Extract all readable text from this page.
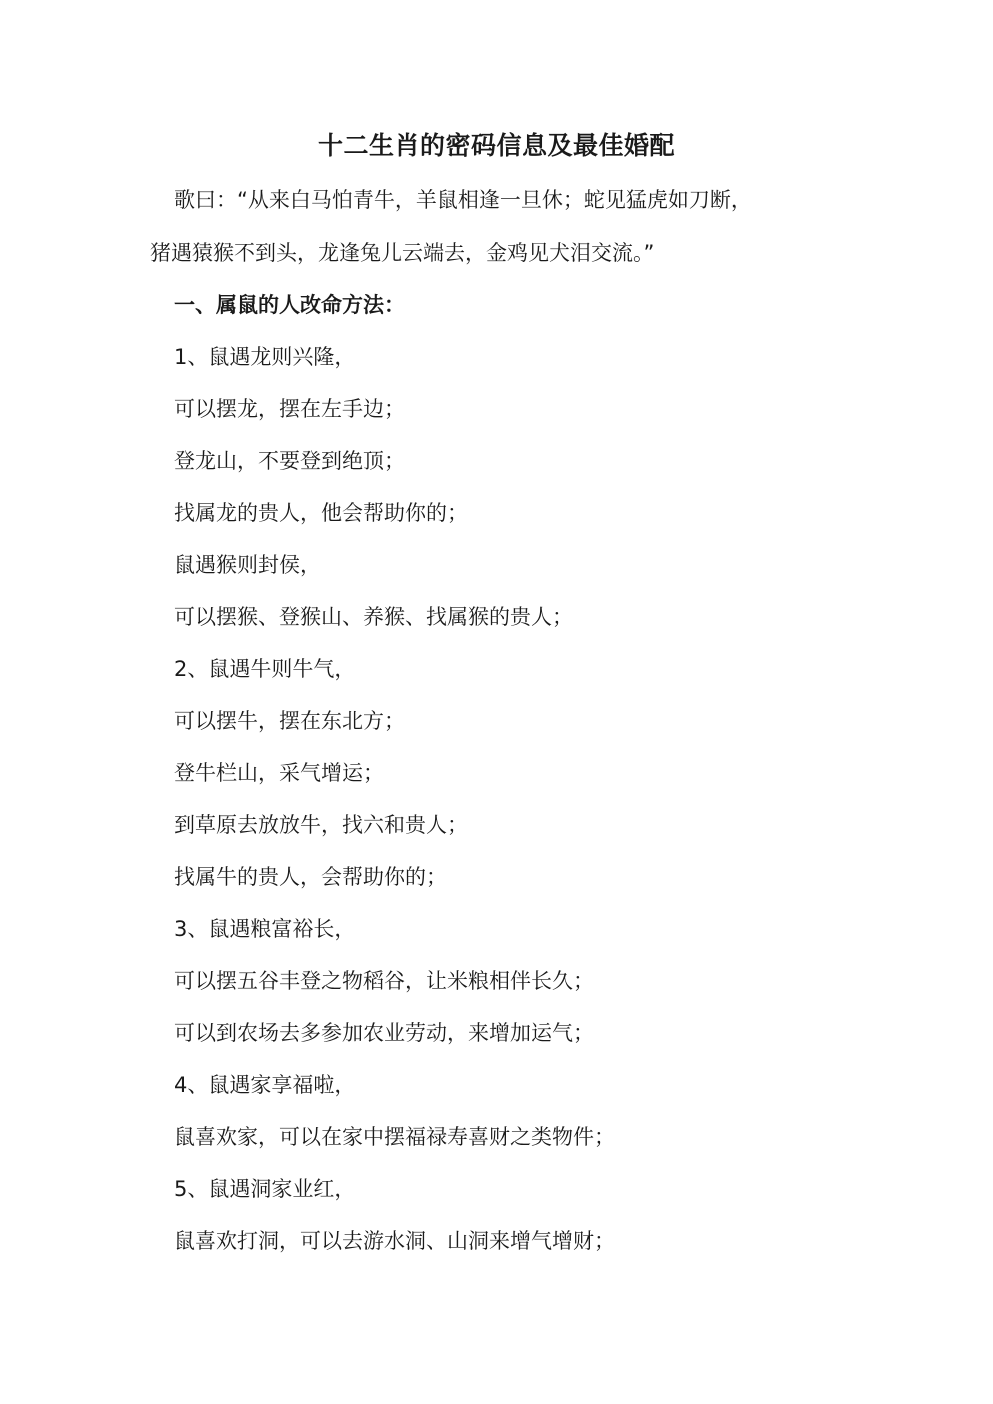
十二生肖的密码信息及最佳婚配
歌曰：“从来白马怕青牛，羊鼠相逢一旦休；蛇见猛虎如刀断，
猪遇猿猴不到头，龙逢兔儿云端去，金鸡见犬泪交流。”
一、属鼠的人改命方法：
1、鼠遇龙则兴隆，
可以摆龙，摆在左手边；
登龙山，不要登到绝顶；
找属龙的贵人，他会帮助你的；
鼠遇猴则封侯，
可以摆猴、登猴山、养猴、找属猴的贵人；
2、鼠遇牛则牛气，
可以摆牛，摆在东北方；
登牛栏山，采气增运；
到草原去放放牛，找六和贵人；
找属牛的贵人，会帮助你的；
3、鼠遇粮富裕长，
可以摆五谷丰登之物稻谷，让米粮相伴长久；
可以到农场去多参加农业劳动，来增加运气；
4、鼠遇家享福啦，
鼠喜欢家，可以在家中摆福禄寿喜财之类物件；
5、鼠遇洞家业红，
鼠喜欢打洞，可以去游水洞、山洞来增气增财；
